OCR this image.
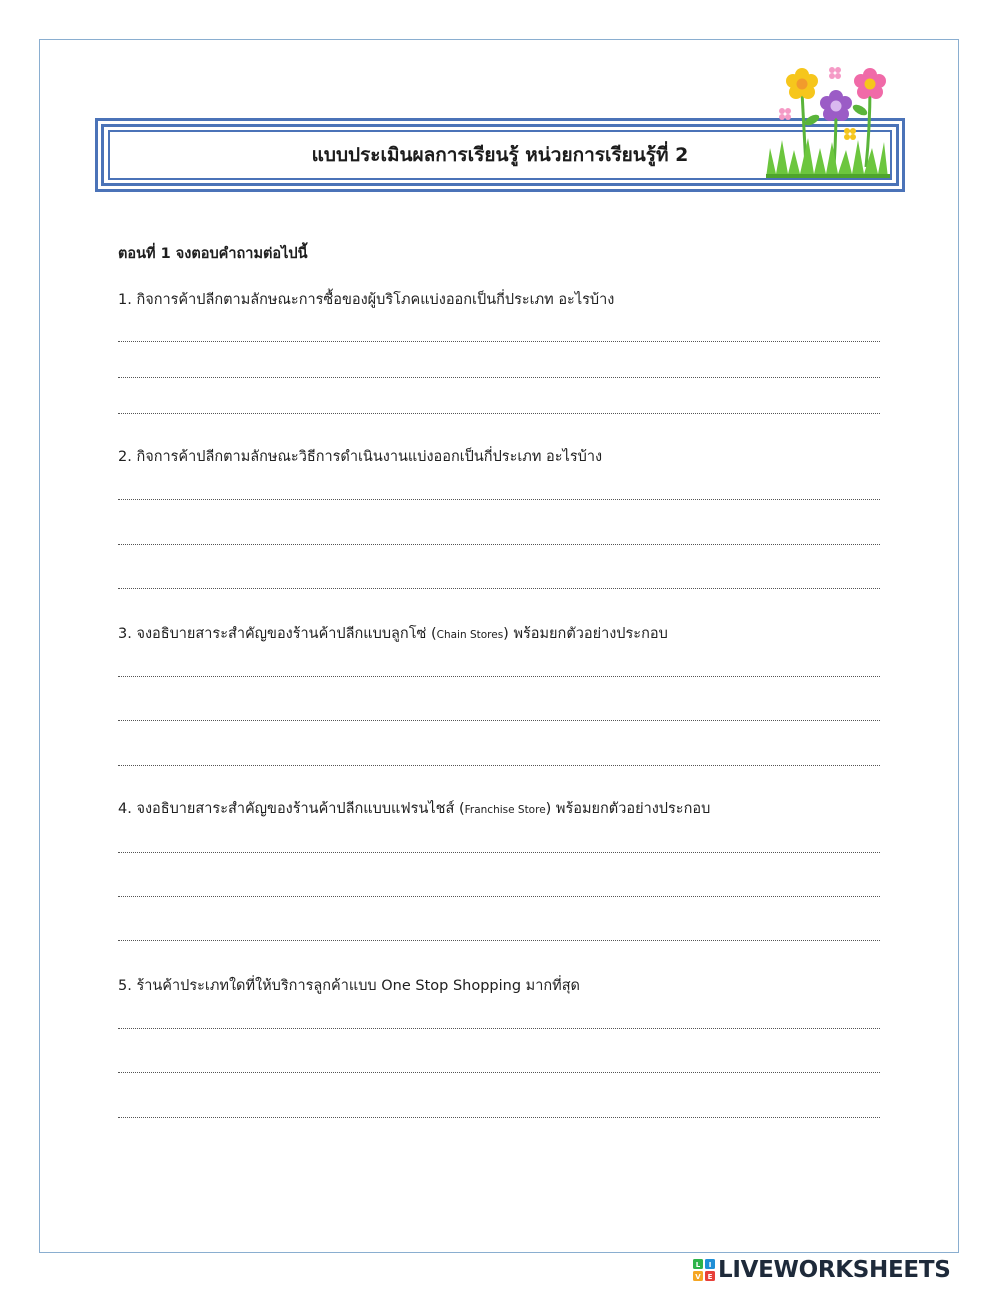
แบบประเมินผลการเรียนรู้ หน่วยการเรียนรู้ที่ 2
ตอนที่ 1 จงตอบคำถามต่อไปนี้
1. กิจการค้าปลีกตามลักษณะการซื้อของผู้บริโภคแบ่งออกเป็นกี่ประเภท อะไรบ้าง
2. กิจการค้าปลีกตามลักษณะวิธีการดำเนินงานแบ่งออกเป็นกี่ประเภท อะไรบ้าง
3. จงอธิบายสาระสำคัญของร้านค้าปลีกแบบลูกโซ่ (Chain Stores) พร้อมยกตัวอย่างประกอบ
4. จงอธิบายสาระสำคัญของร้านค้าปลีกแบบแฟรนไชส์ (Franchise Store) พร้อมยกตัวอย่างประกอบ
5. ร้านค้าประเภทใดที่ให้บริการลูกค้าแบบ One Stop Shopping มากที่สุด
L I
V E LIVEWORKSHEETS
